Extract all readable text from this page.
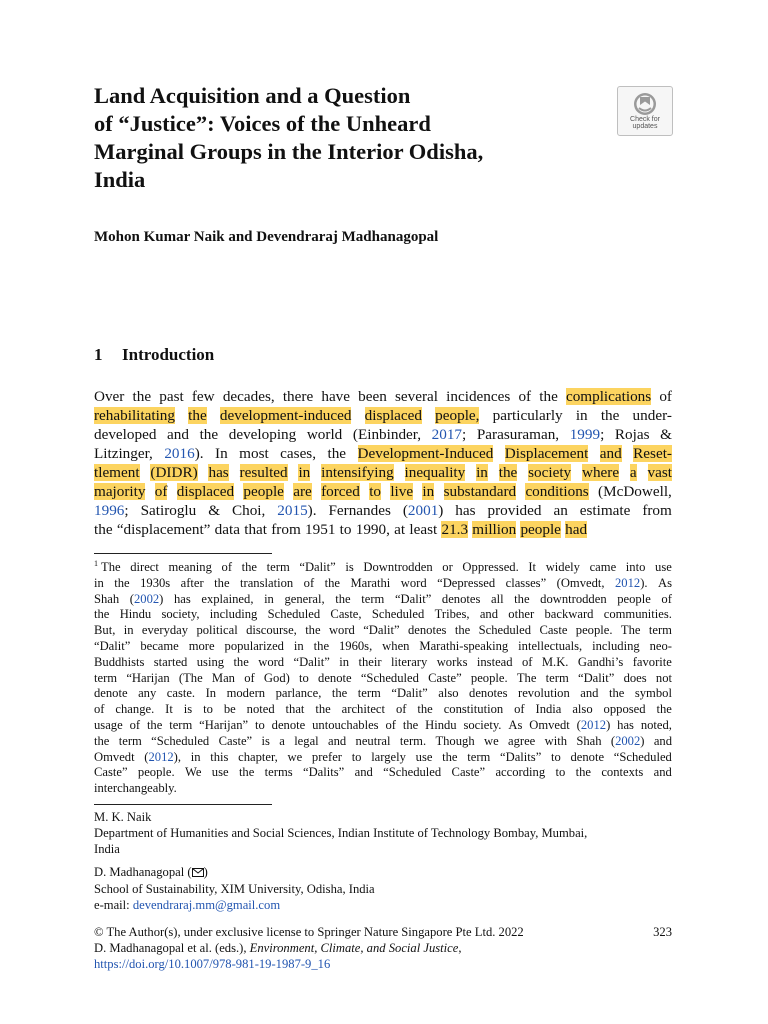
Land Acquisition and a Question
of “Justice”: Voices of the Unheard
Marginal Groups in the Interior Odisha,
India
Check for
updates

Mohon Kumar Naik and Devendraraj Madhanagopal

1 Introduction
Over the past few decades, there have been several incidences of the complications of
rehabilitating the development-induced displaced people, particularly in the under-
developed and the developing world (Einbinder, 2017; Parasuraman, 1999; Rojas &
Litzinger, 2016). In most cases, the Development-Induced Displacement and Reset-
tlement (DIDR) has resulted in intensifying inequality in the society where a vast
majority of displaced people are forced to live in substandard conditions (McDowell,
1996; Satiroglu & Choi, 2015). Fernandes (2001) has provided an estimate from
the “displacement” data that from 1951 to 1990, at least 21.3 million people had
$^1$ The direct meaning of the term “Dalit” is Downtrodden or Oppressed. It widely came into use
in the 1930s after the translation of the Marathi word “Depressed classes” (Omvedt, 2012). As
Shah (2002) has explained, in general, the term “Dalit” denotes all the downtrodden people of
the Hindu society, including Scheduled Caste, Scheduled Tribes, and other backward communities.
But, in everyday political discourse, the word “Dalit” denotes the Scheduled Caste people. The term
“Dalit” became more popularized in the 1960s, when Marathi-speaking intellectuals, including neo-
Buddhists started using the word “Dalit” in their literary works instead of M.K. Gandhi’s favorite
term “Harijan (The Man of God) to denote “Scheduled Caste” people. The term “Dalit” does not
denote any caste. In modern parlance, the term “Dalit” also denotes revolution and the symbol
of change. It is to be noted that the architect of the constitution of India also opposed the
usage of the term “Harijan” to denote untouchables of the Hindu society. As Omvedt (2012) has noted,
the term “Scheduled Caste” is a legal and neutral term. Though we agree with Shah (2002) and
Omvedt (2012), in this chapter, we prefer to largely use the term “Dalits” to denote “Scheduled
Caste” people. We use the terms “Dalits” and “Scheduled Caste” according to the contexts and
interchangeably.
M. K. Naik
Department of Humanities and Social Sciences, Indian Institute of Technology Bombay, Mumbai,
India
D. Madhanagopal ( )
School of Sustainability, XIM University, Odisha, India
e-mail: devendraraj.mm@gmail.com
© The Author(s), under exclusive license to Springer Nature Singapore Pte Ltd. 2022	323
D. Madhanagopal et al. (eds.), Environment, Climate, and Social Justice,
https://doi.org/10.1007/978-981-19-1987-9_16
